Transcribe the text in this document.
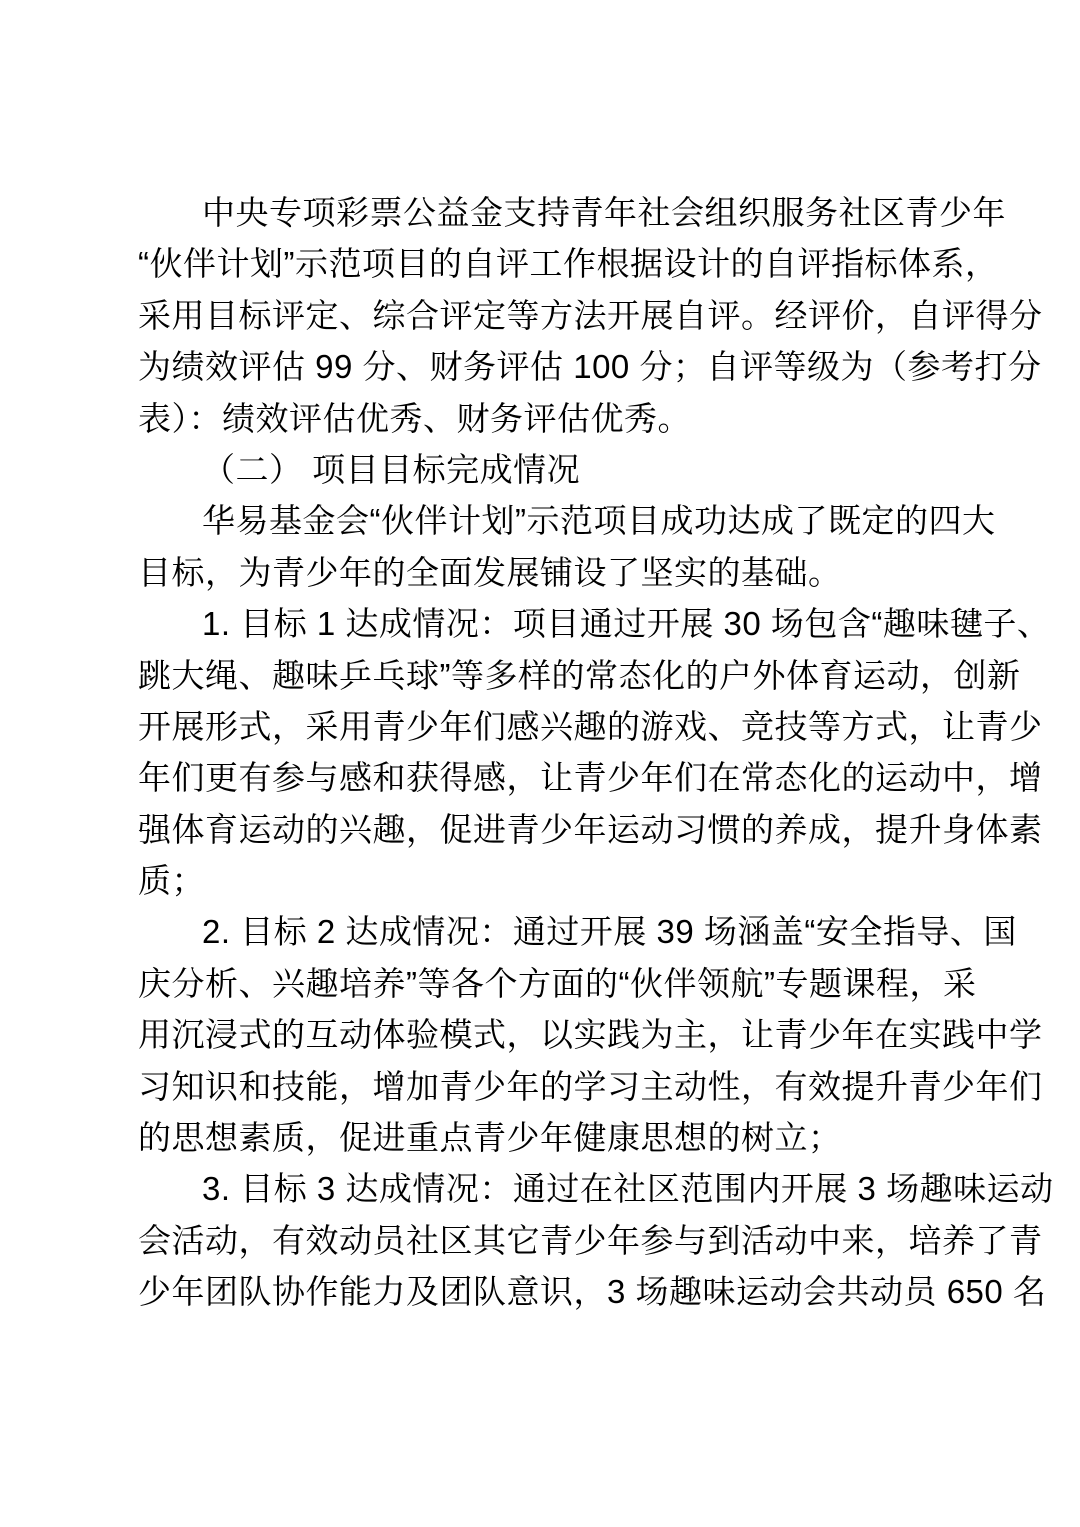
中央专项彩票公益金支持青年社会组织服务社区青少年
“伙伴计划”示范项目的自评工作根据设计的自评指标体系，
采用目标评定、综合评定等方法开展自评。经评价，自评得分
为绩效评估 99 分、财务评估 100 分；自评等级为（参考打分
表）：绩效评估优秀、财务评估优秀。
（二） 项目目标完成情况
华易基金会“伙伴计划”示范项目成功达成了既定的四大
目标，为青少年的全面发展铺设了坚实的基础。
1. 目标 1 达成情况：项目通过开展 30 场包含“趣味毽子、
跳大绳、趣味乒乓球”等多样的常态化的户外体育运动，创新
开展形式，采用青少年们感兴趣的游戏、竞技等方式，让青少
年们更有参与感和获得感，让青少年们在常态化的运动中，增
强体育运动的兴趣，促进青少年运动习惯的养成，提升身体素
质；
2. 目标 2 达成情况：通过开展 39 场涵盖“安全指导、国
庆分析、兴趣培养”等各个方面的“伙伴领航”专题课程，采
用沉浸式的互动体验模式，以实践为主，让青少年在实践中学
习知识和技能，增加青少年的学习主动性，有效提升青少年们
的思想素质，促进重点青少年健康思想的树立；
3. 目标 3 达成情况：通过在社区范围内开展 3 场趣味运动
会活动，有效动员社区其它青少年参与到活动中来，培养了青
少年团队协作能力及团队意识，3 场趣味运动会共动员 650 名
